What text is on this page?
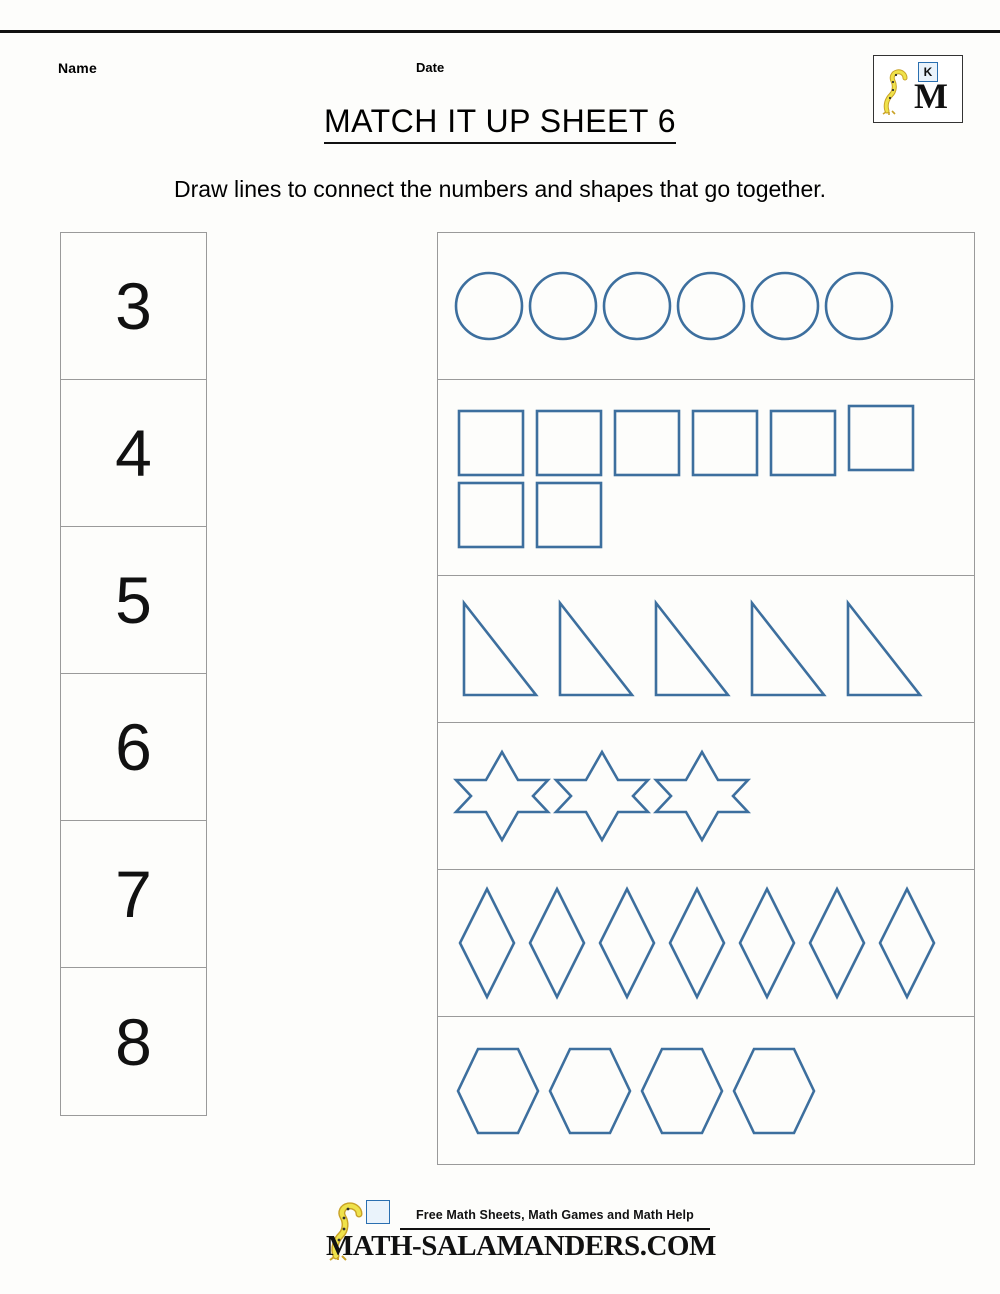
Name	Date
MATCH IT UP SHEET 6
Draw lines to connect the numbers and shapes that go together.
K
M
3
4
5
6
7
8
Free Math Sheets, Math Games and Math Help
MATH-SALAMANDERS.COM
